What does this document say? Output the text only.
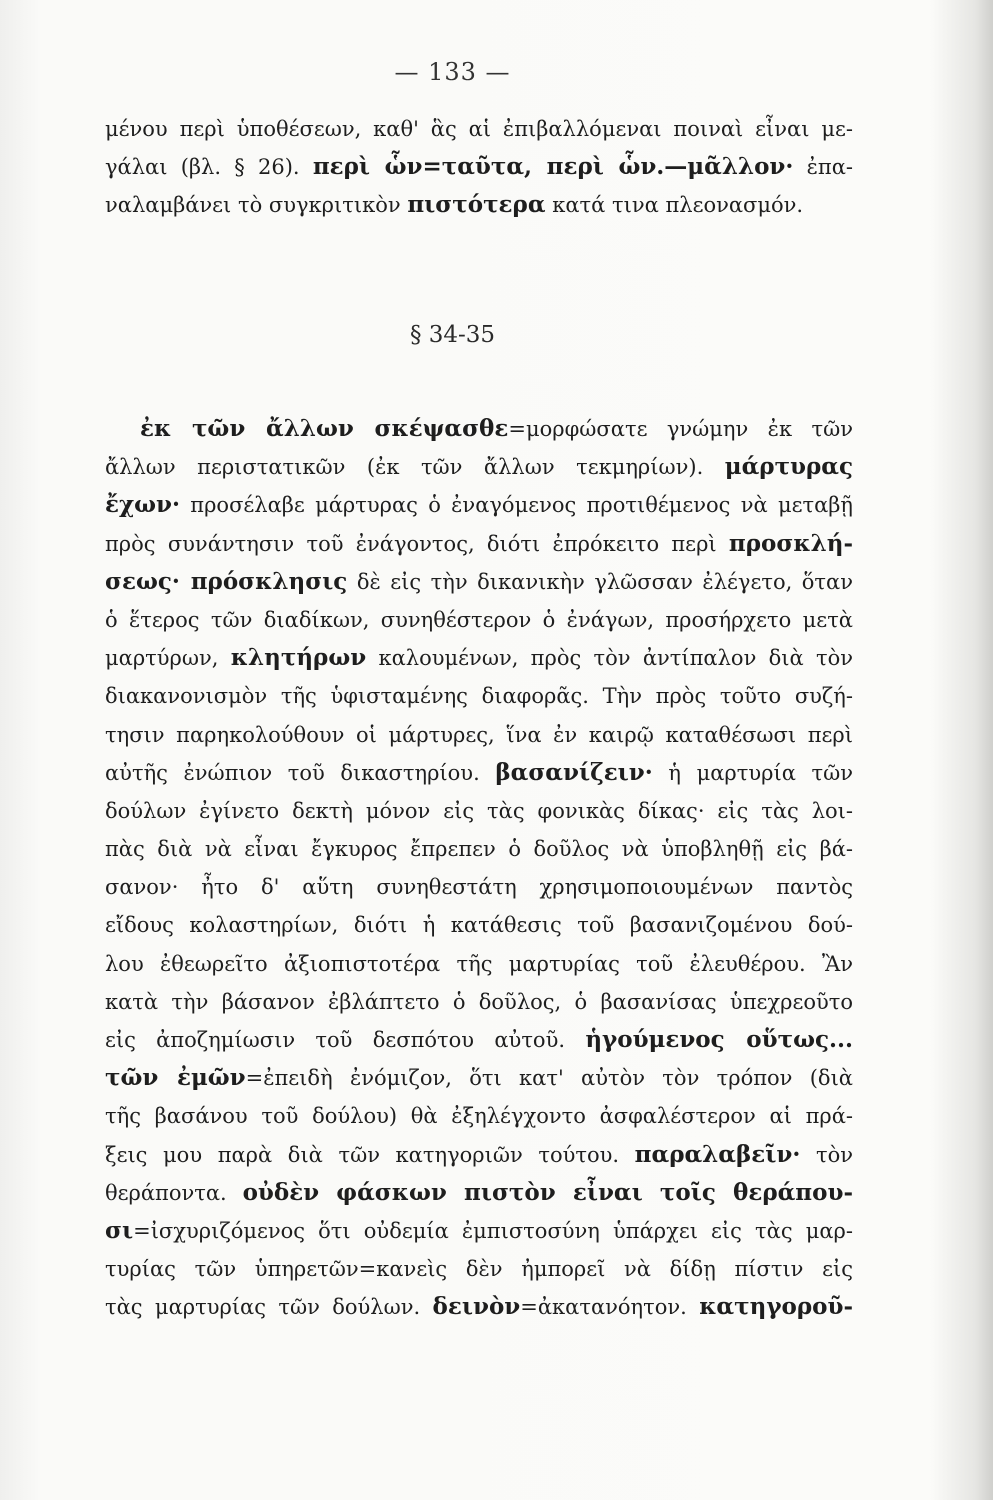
— 133 —
μένου περὶ ὑποθέσεων, καθ' ἃς αἱ ἐπιβαλλόμεναι ποιναὶ εἶναι με-
γάλαι (βλ. § 26). περὶ ὧν=ταῦτα, περὶ ὧν.—μᾶλλον· ἐπα-
ναλαμβάνει τὸ συγκριτικὸν πιστότερα κατά τινα πλεονασμόν.
§ 34-35
ἐκ τῶν ἄλλων σκέψασθε=μορφώσατε γνώμην ἐκ τῶν
ἄλλων περιστατικῶν (ἐκ τῶν ἄλλων τεκμηρίων). μάρτυρας
ἔχων· προσέλαβε μάρτυρας ὁ ἐναγόμενος προτιθέμενος νὰ μεταβῇ
πρὸς συνάντησιν τοῦ ἐνάγοντος, διότι ἐπρόκειτο περὶ προσκλή-
σεως· πρόσκλησις δὲ εἰς τὴν δικανικὴν γλῶσσαν ἐλέγετο, ὅταν
ὁ ἕτερος τῶν διαδίκων, συνηθέστερον ὁ ἐνάγων, προσήρχετο μετὰ
μαρτύρων, κλητήρων καλουμένων, πρὸς τὸν ἀντίπαλον διὰ τὸν
διακανονισμὸν τῆς ὑφισταμένης διαφορᾶς. Τὴν πρὸς τοῦτο συζή-
τησιν παρηκολούθουν οἱ μάρτυρες, ἵνα ἐν καιρῷ καταθέσωσι περὶ
αὐτῆς ἐνώπιον τοῦ δικαστηρίου. βασανίζειν· ἡ μαρτυρία τῶν
δούλων ἐγίνετο δεκτὴ μόνον εἰς τὰς φονικὰς δίκας· εἰς τὰς λοι-
πὰς διὰ νὰ εἶναι ἔγκυρος ἔπρεπεν ὁ δοῦλος νὰ ὑποβληθῇ εἰς βά-
σανον· ἦτο δ' αὕτη συνηθεστάτη χρησιμοποιουμένων παντὸς
εἴδους κολαστηρίων, διότι ἡ κατάθεσις τοῦ βασανιζομένου δού-
λου ἐθεωρεῖτο ἀξιοπιστοτέρα τῆς μαρτυρίας τοῦ ἐλευθέρου. Ἂν
κατὰ τὴν βάσανον ἐβλάπτετο ὁ δοῦλος, ὁ βασανίσας ὑπεχρεοῦτο
εἰς ἀποζημίωσιν τοῦ δεσπότου αὐτοῦ. ἡγούμενος οὕτως...
τῶν ἐμῶν=ἐπειδὴ ἐνόμιζον, ὅτι κατ' αὐτὸν τὸν τρόπον (διὰ
τῆς βασάνου τοῦ δούλου) θὰ ἐξηλέγχοντο ἀσφαλέστερον αἱ πρά-
ξεις μου παρὰ διὰ τῶν κατηγοριῶν τούτου. παραλαβεῖν· τὸν
θεράποντα. οὐδὲν φάσκων πιστὸν εἶναι τοῖς θεράπου-
σι=ἰσχυριζόμενος ὅτι οὐδεμία ἐμπιστοσύνη ὑπάρχει εἰς τὰς μαρ-
τυρίας τῶν ὑπηρετῶν=κανεὶς δὲν ἠμπορεῖ νὰ δίδῃ πίστιν εἰς
τὰς μαρτυρίας τῶν δούλων. δεινὸν=ἀκατανόητον. κατηγοροῦ-
